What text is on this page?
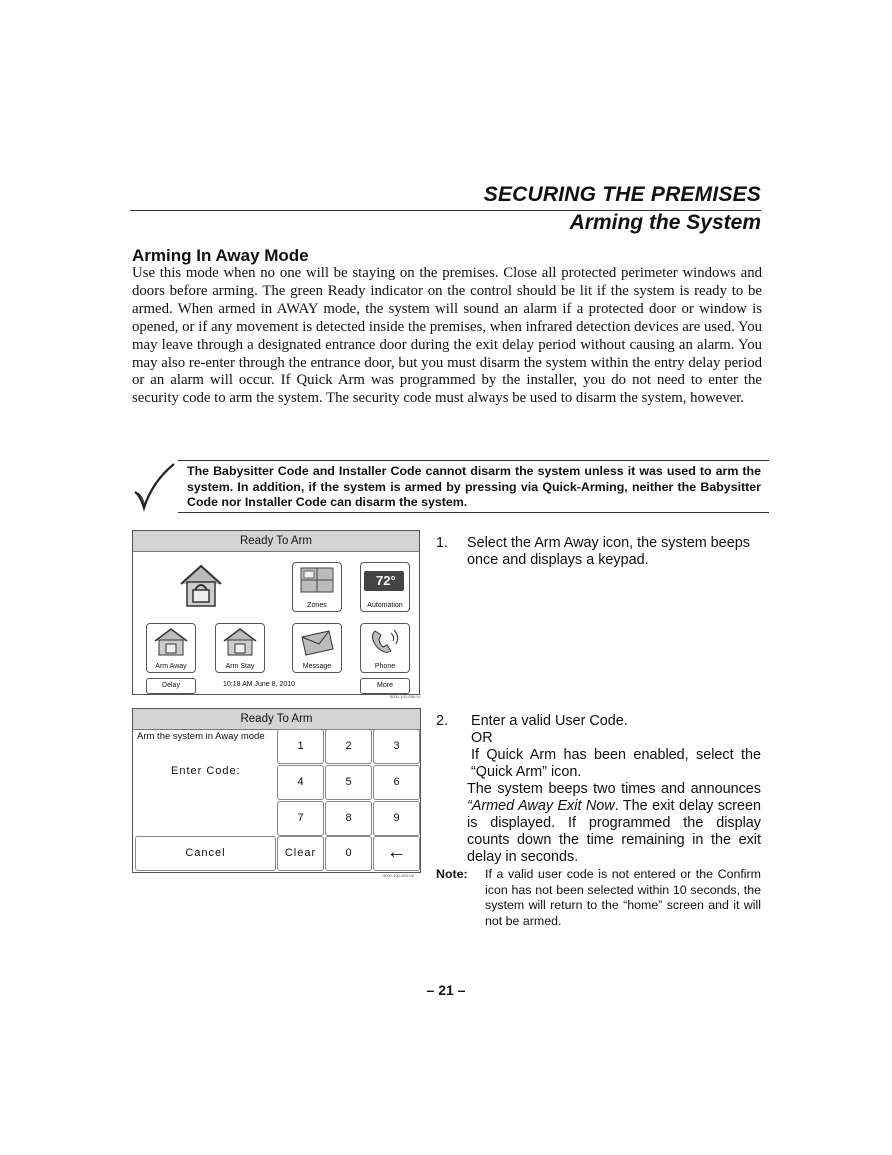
SECURING THE PREMISES
Arming the System
Arming In Away Mode
Use this mode when no one will be staying on the premises. Close all protected perimeter windows and doors before arming. The green Ready indicator on the control should be lit if the system is ready to be armed. When armed in AWAY mode, the system will sound an alarm if a protected door or window is opened, or if any movement is detected inside the premises, when infrared detection devices are used. You may leave through a designated entrance door during the exit delay period without causing an alarm. You may also re-enter through the entrance door, but you must disarm the system within the entry delay period or an alarm will occur. If Quick Arm was programmed by the installer, you do not need to enter the security code to arm the system. The security code must always be used to disarm the system, however.
The Babysitter Code and Installer Code cannot disarm the system unless it was used to arm the system. In addition, if the system is armed by pressing via Quick-Arming, neither the Babysitter Code nor Installer Code can disarm the system.
Ready To Arm
Zones
72°
Automation
Arm Away	Arm Stay	Message	Phone
Delay	10:18 AM June 8, 2010	More
5000-100-056-V1
1. Select the Arm Away icon, the system beeps once and displays a keypad.
Ready To Arm
Arm the system in Away mode
Enter Code:
1	2	3
4	5	6
7	8	9
Cancel	Clear	0	←
5000-100-053-V0
2. Enter a valid User Code.
OR
If Quick Arm has been enabled, select the “Quick Arm” icon.
The system beeps two times and announces “Armed Away Exit Now. The exit delay screen is displayed. If programmed the display counts down the time remaining in the exit delay in seconds.
Note: If a valid user code is not entered or the Confirm icon has not been selected within 10 seconds, the system will return to the “home” screen and it will not be armed.
– 21 –
